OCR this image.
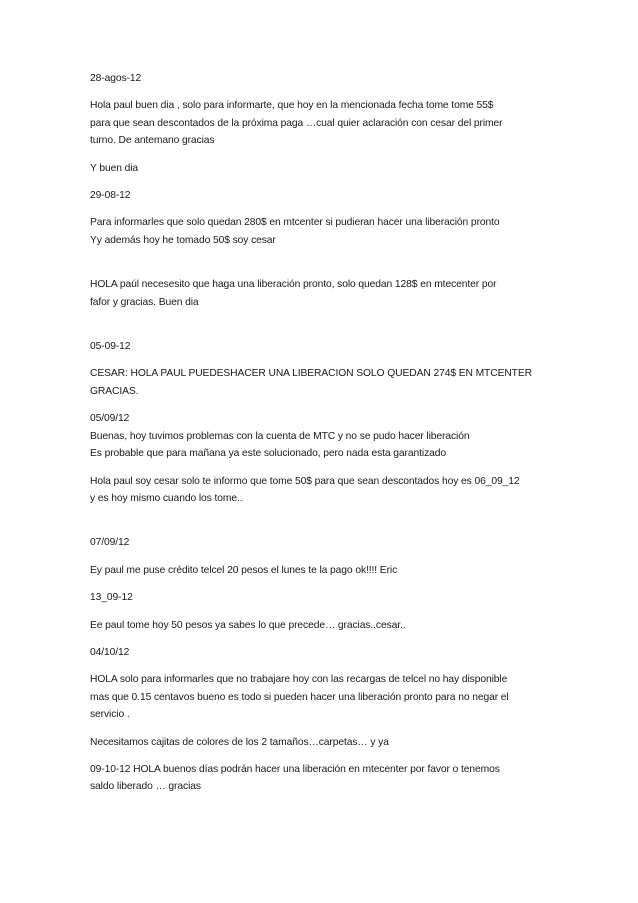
28-agos-12

Hola paul buen dia , solo para informarte, que hoy en la mencionada fecha tome tome 55$
para que sean descontados de la próxima paga …cual quier aclaración con cesar del primer
turno. De antemano gracias

Y buen dia

29-08-12

Para informarles que solo quedan 280$ en mtcenter si pudieran hacer una liberación pronto
Yy además hoy he tomado 50$ soy cesar

HOLA paúl necesesito que haga una liberación pronto, solo quedan 128$ en mtecenter por
fafor y gracias. Buen dia

05-09-12

CESAR: HOLA PAUL PUEDESHACER UNA LIBERACION SOLO QUEDAN 274$ EN MTCENTER
GRACIAS.

05/09/12
Buenas, hoy tuvimos problemas con la cuenta de MTC y no se pudo hacer liberación
Es probable que para mañana ya este solucionado, pero nada esta garantizado

Hola paul soy cesar solo te informo que tome 50$ para que sean descontados hoy es 06_09_12
y es hoy mismo cuando los tome..

07/09/12

Ey paul me puse crédito telcel 20 pesos el lunes te la pago ok!!!! Eric

13_09-12

Ee paul tome hoy 50 pesos ya sabes lo que precede… gracias..cesar..

04/10/12

HOLA solo para informarles que no trabajare hoy con las recargas de telcel no hay disponible
mas que 0.15 centavos bueno es todo si pueden hacer una liberación pronto para no negar el
servicio .

Necesitamos cajitas de colores de los 2 tamaños…carpetas… y ya

09-10-12 HOLA buenos días podrán hacer una liberación en mtecenter por favor o tenemos
saldo liberado … gracias
